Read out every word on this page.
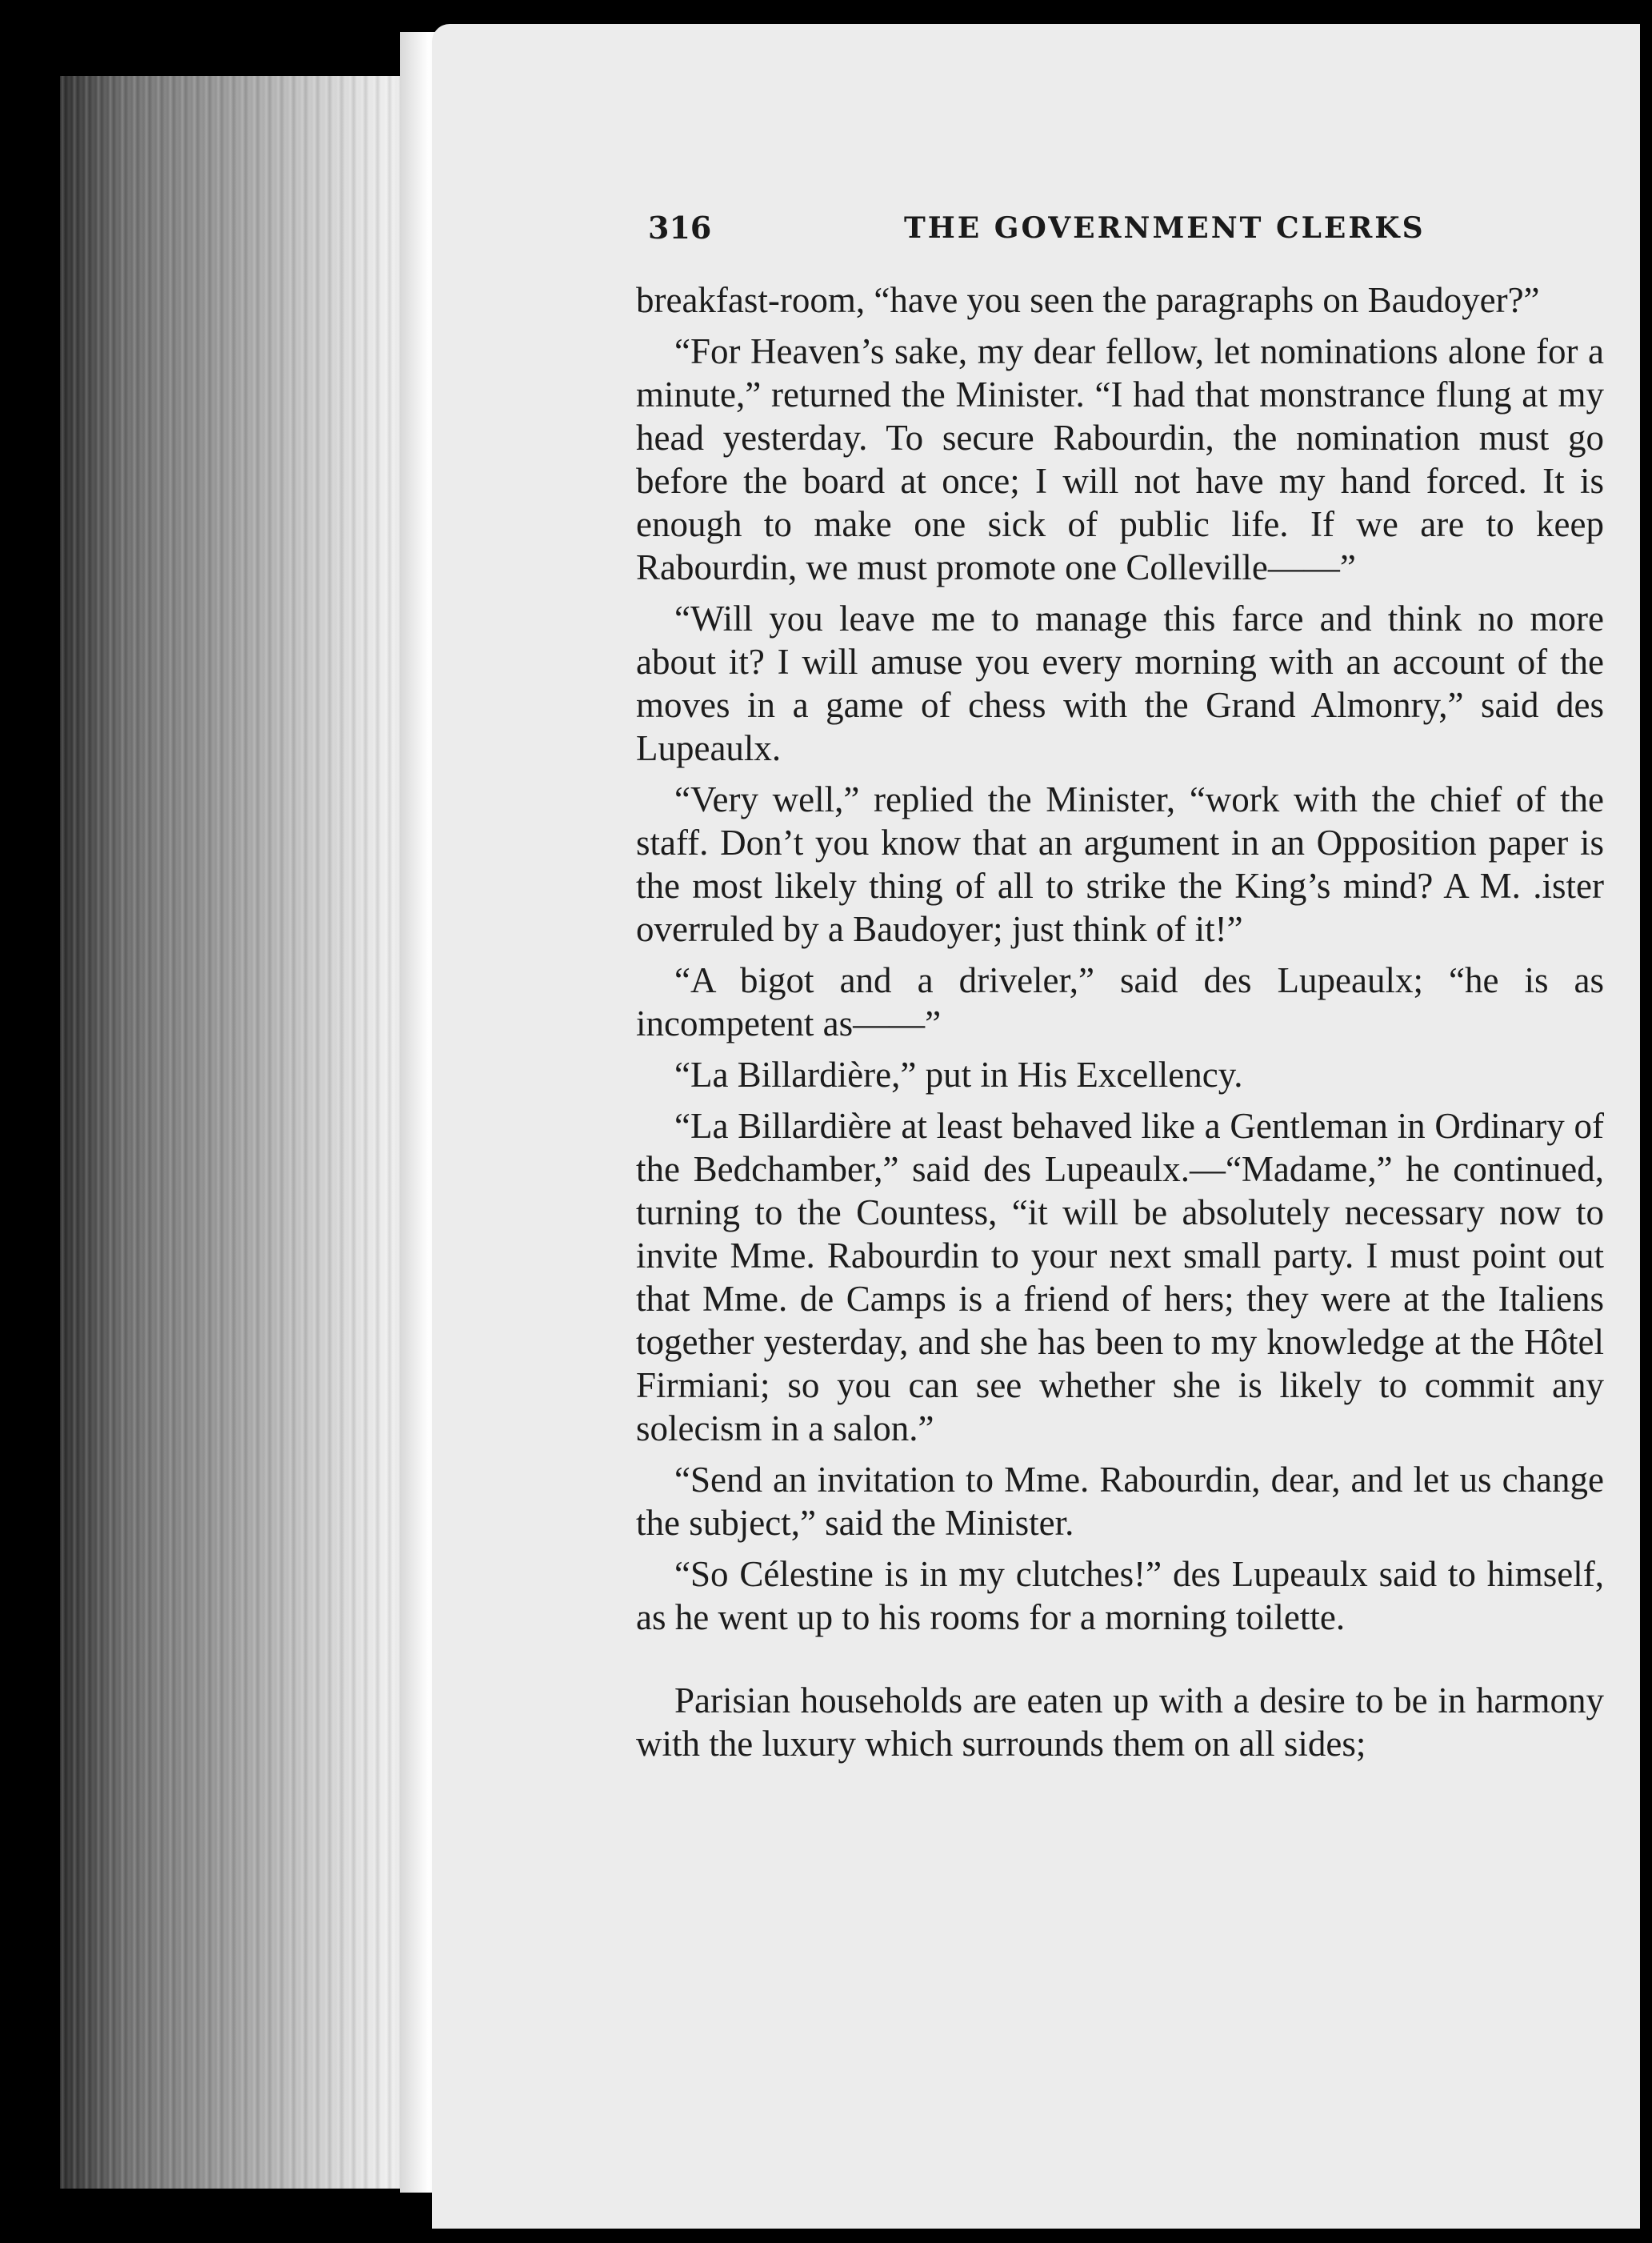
316	THE GOVERNMENT CLERKS

breakfast-room, “have you seen the paragraphs on Baudoyer?”

“For Heaven’s sake, my dear fellow, let nominations alone for a minute,” returned the Minister. “I had that monstrance flung at my head yesterday. To secure Rabourdin, the nomination must go before the board at once; I will not have my hand forced. It is enough to make one sick of public life. If we are to keep Rabourdin, we must promote one Colleville——”

“Will you leave me to manage this farce and think no more about it? I will amuse you every morning with an account of the moves in a game of chess with the Grand Almonry,” said des Lupeaulx.

“Very well,” replied the Minister, “work with the chief of the staff. Don’t you know that an argument in an Opposition paper is the most likely thing of all to strike the King’s mind? A M. .ister overruled by a Baudoyer; just think of it!”

“A bigot and a driveler,” said des Lupeaulx; “he is as incompetent as——”

“La Billardière,” put in His Excellency.

“La Billardière at least behaved like a Gentleman in Ordinary of the Bedchamber,” said des Lupeaulx.—“Madame,” he continued, turning to the Countess, “it will be absolutely necessary now to invite Mme. Rabourdin to your next small party. I must point out that Mme. de Camps is a friend of hers; they were at the Italiens together yesterday, and she has been to my knowledge at the Hôtel Firmiani; so you can see whether she is likely to commit any solecism in a salon.”

“Send an invitation to Mme. Rabourdin, dear, and let us change the subject,” said the Minister.

“So Célestine is in my clutches!” des Lupeaulx said to himself, as he went up to his rooms for a morning toilette.

Parisian households are eaten up with a desire to be in harmony with the luxury which surrounds them on all sides;
